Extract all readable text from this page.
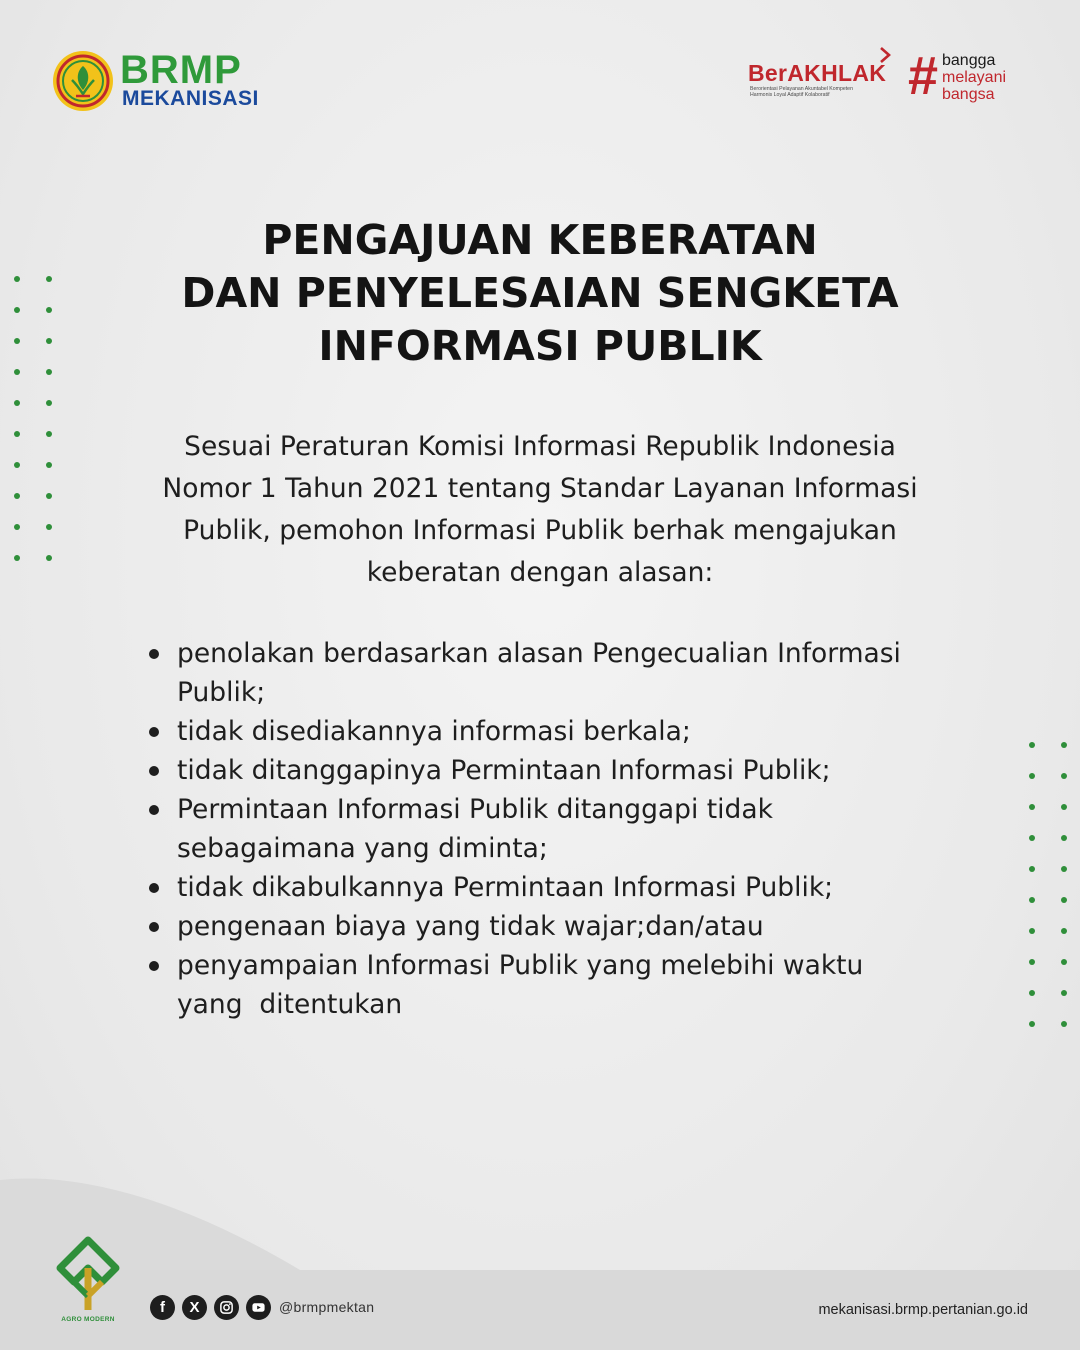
BRMP
MEKANISASI
BerAKHLAK
Berorientasi Pelayanan Akuntabel Kompeten
Harmonis Loyal Adaptif Kolaboratif	# bangga
melayani
bangsa
PENGAJUAN KEBERATAN
DAN PENYELESAIAN SENGKETA
INFORMASI PUBLIK
Sesuai Peraturan Komisi Informasi Republik Indonesia
Nomor 1 Tahun 2021 tentang Standar Layanan Informasi
Publik, pemohon Informasi Publik berhak mengajukan
keberatan dengan alasan:
penolakan berdasarkan alasan Pengecualian Informasi
Publik;
tidak disediakannya informasi berkala;
tidak ditanggapinya Permintaan Informasi Publik;
Permintaan Informasi Publik ditanggapi tidak
sebagaimana yang diminta;
tidak dikabulkannya Permintaan Informasi Publik;
pengenaan biaya yang tidak wajar;dan/atau
penyampaian Informasi Publik yang melebihi waktu
yang  ditentukan
AGRO MODERN
f	X	@brmpmektan	mekanisasi.brmp.pertanian.go.id
